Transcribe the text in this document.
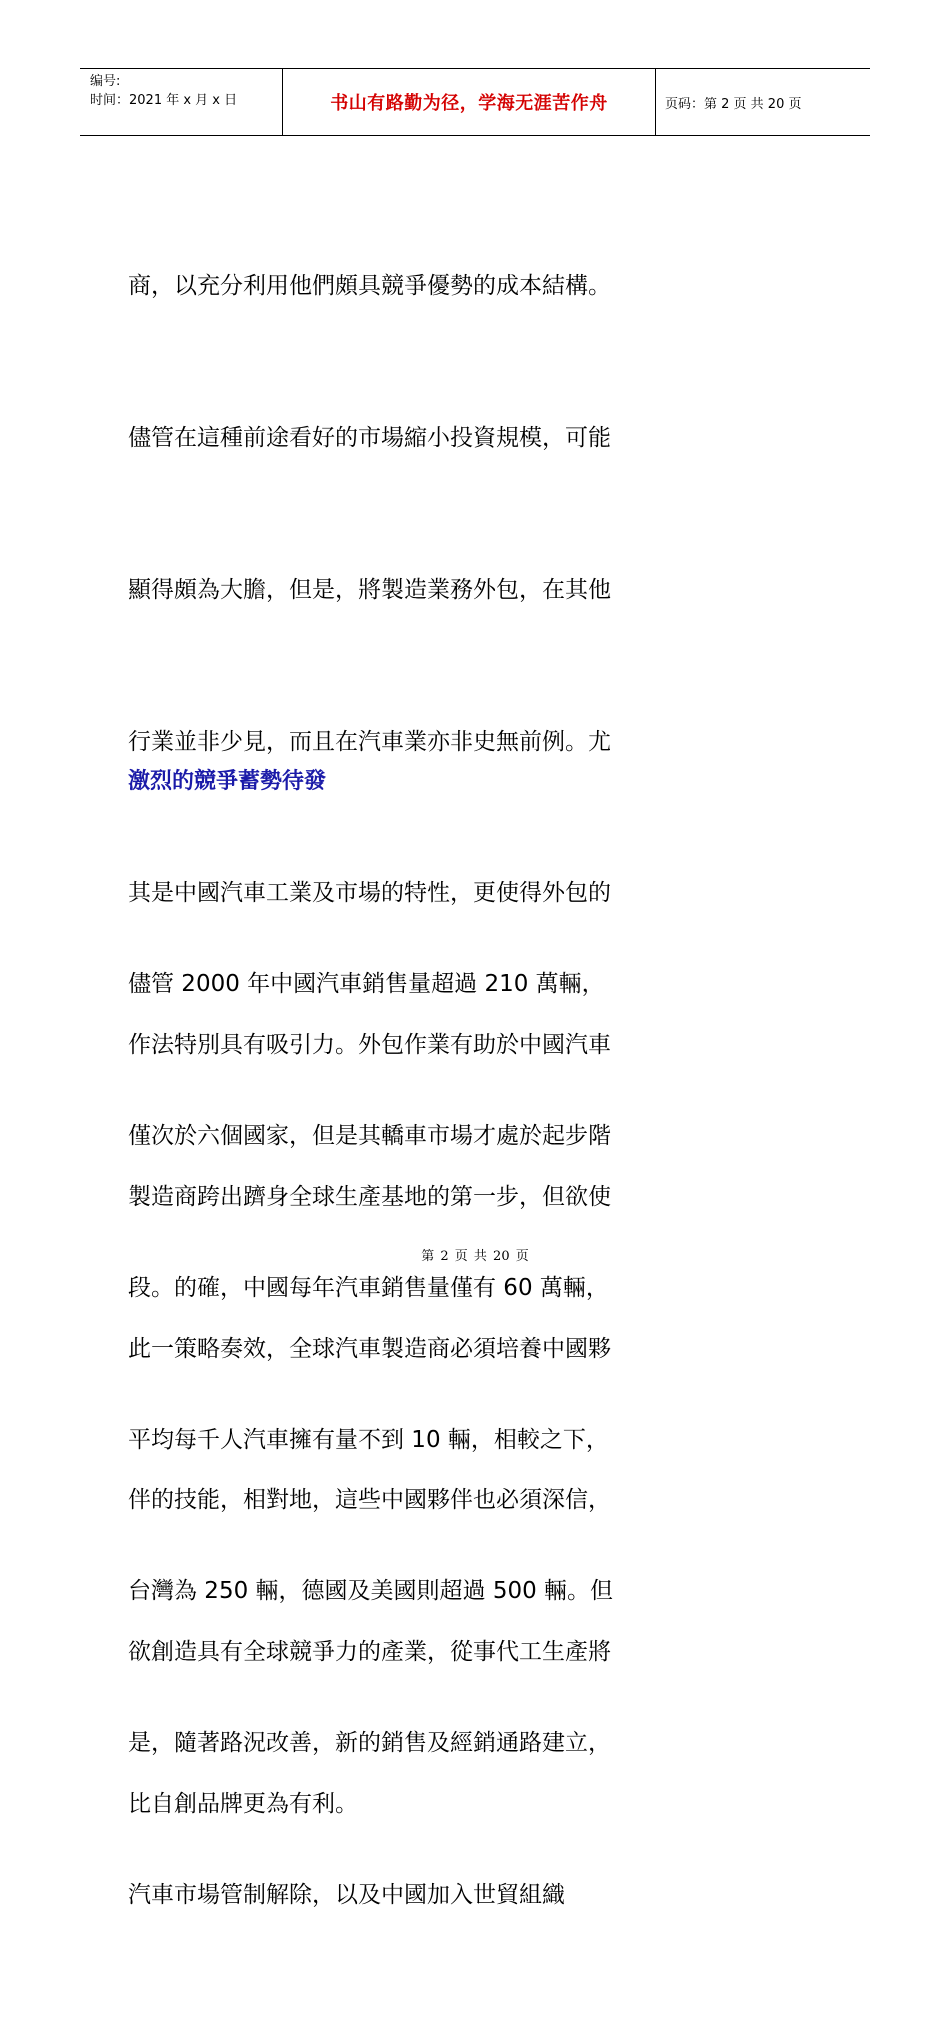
编号:
时间：2021 年 x 月 x 日	书山有路勤为径，学海无涯苦作舟	页码：第 2 页 共 20 页

商，以充分利用他們頗具競爭優勢的成本結構。

儘管在這種前途看好的市場縮小投資規模，可能

顯得頗為大膽，但是，將製造業務外包，在其他

行業並非少見，而且在汽車業亦非史無前例。尤

其是中國汽車工業及市場的特性，更使得外包的

作法特別具有吸引力。外包作業有助於中國汽車

製造商跨出躋身全球生產基地的第一步，但欲使

此一策略奏效，全球汽車製造商必須培養中國夥

伴的技能，相對地，這些中國夥伴也必須深信，

欲創造具有全球競爭力的產業，從事代工生產將

比自創品牌更為有利。

激烈的競爭蓄勢待發

儘管 2000 年中國汽車銷售量超過 210 萬輛，

僅次於六個國家，但是其轎車市場才處於起步階

段。的確，中國每年汽車銷售量僅有 60 萬輛，

平均每千人汽車擁有量不到 10 輛，相較之下，

台灣為 250 輛，德國及美國則超過 500 輛。但

是，隨著路況改善，新的銷售及經銷通路建立，

汽車市場管制解除，以及中國加入世貿組織

第 2 页 共 20 页
